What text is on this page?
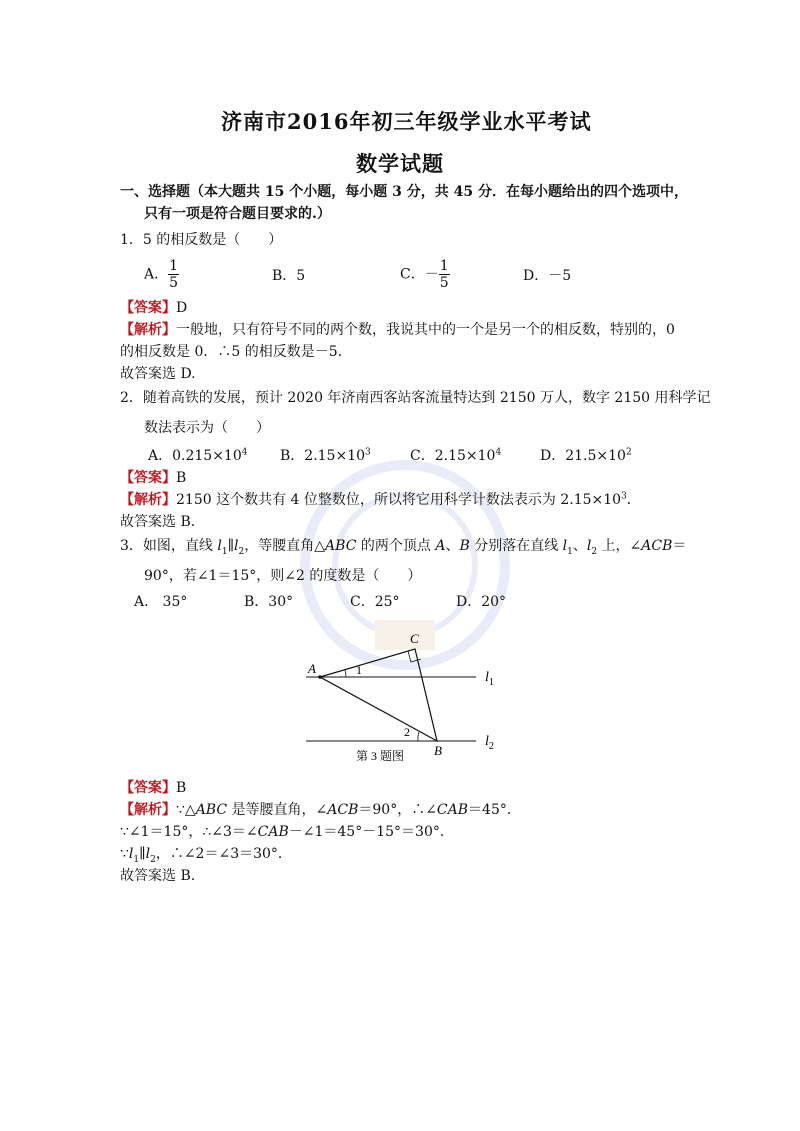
济南市2016年初三年级学业水平考试
数学试题
一、选择题（本大题共 15 个小题，每小题 3 分，共 45 分．在每小题给出的四个选项中，
只有一项是符合题目要求的.）
1．5 的相反数是（　　）
A． $\frac{1}{5}$	B．5	C．－ $\frac{1}{5}$	D．－5
【答案】D
【解析】一般地，只有符号不同的两个数，我说其中的一个是另一个的相反数，特别的，0
的相反数是 0．∴5 的相反数是－5.
故答案选 D.
2．随着高铁的发展，预计 2020 年济南西客站客流量特达到 2150 万人，数字 2150 用科学记
数法表示为（　　）
A．$0.215\times 10^4$ B．$2.15\times 10^3$	C．$2.15\times 10^4$	D．$21.5\times 10^2$
【答案】B
【解析】2150 这个数共有 4 位整数位，所以将它用科学计数法表示为 $2.15\times 10^3$．
故答案选 B.
3．如图，直线 $l_1\parallel l_2$，等腰直角△ABC 的两个顶点 A、B 分别落在直线 $l_1$、$l_2$ 上，∠ACB＝
90°，若∠1＝15°，则∠2 的度数是（　　）
A.　35°	B．30°	C．25°	D．20°
A
C
B
1
2
$l_1$
$l_2$
第 3 题图
【答案】B
【解析】∵△ABC 是等腰直角，∠ACB＝90°，∴∠CAB＝45°．
∵∠1＝15°，∴∠3＝∠CAB－∠1＝45°－15°＝30°．
$\because l_1\parallel l_2$，∴∠2＝∠3＝30°．
故答案选 B.
